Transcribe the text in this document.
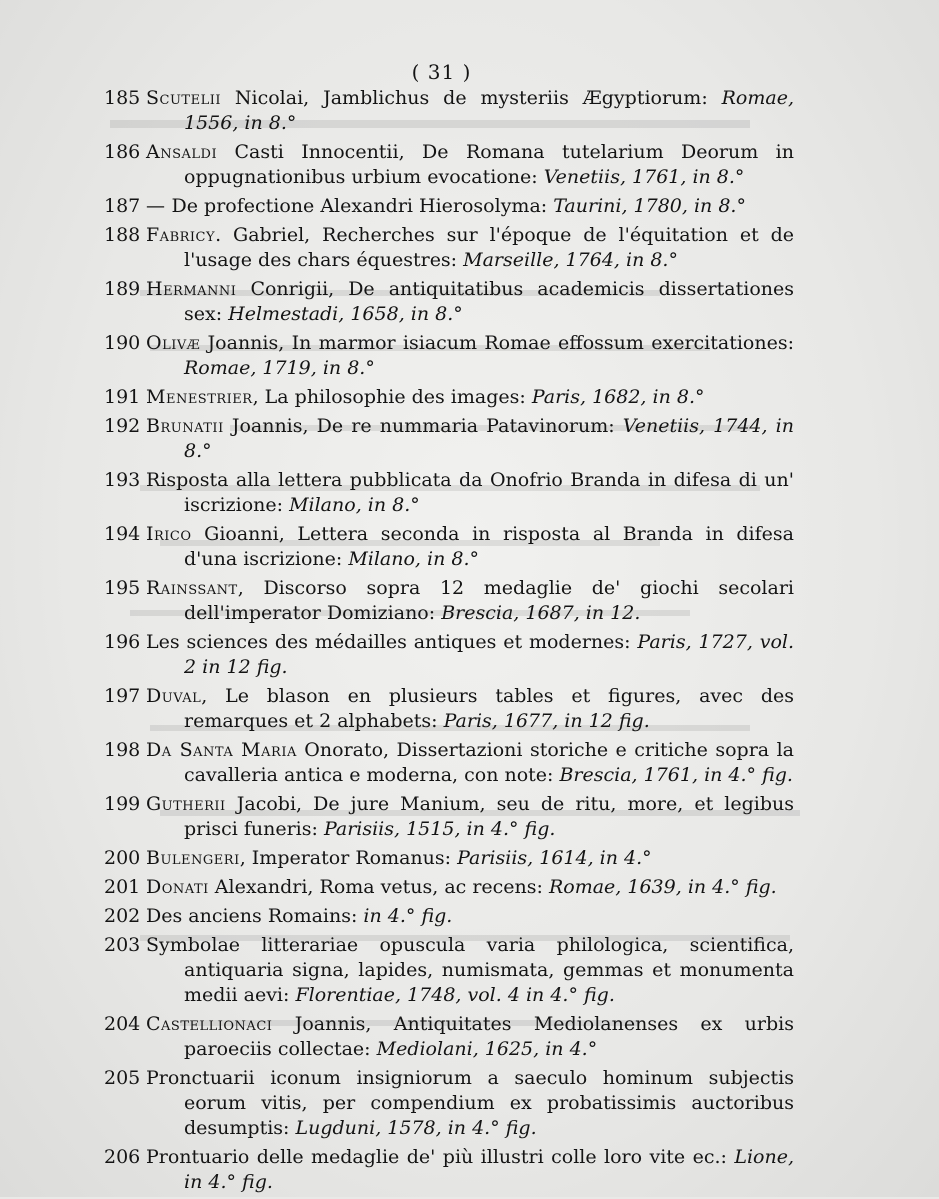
( 31 )
185 Scutelii Nicolai, Jamblichus de mysteriis Ægyptiorum: Romae, 1556, in 8.°
186 Ansaldi Casti Innocentii, De Romana tutelarium Deorum in oppugnationibus urbium evocatione: Venetiis, 1761, in 8.°
187 — De profectione Alexandri Hierosolyma: Taurini, 1780, in 8.°
188 Fabricy. Gabriel, Recherches sur l'époque de l'équitation et de l'usage des chars équestres: Marseille, 1764, in 8.°
189 Hermanni Conrigii, De antiquitatibus academicis dissertationes sex: Helmestadi, 1658, in 8.°
190 Olivæ Joannis, In marmor isiacum Romae effossum exercitationes: Romae, 1719, in 8.°
191 Menestrier, La philosophie des images: Paris, 1682, in 8.°
192 Brunatii Joannis, De re nummaria Patavinorum: Venetiis, 1744, in 8.°
193 Risposta alla lettera pubblicata da Onofrio Branda in difesa di un' iscrizione: Milano, in 8.°
194 Irico Gioanni, Lettera seconda in risposta al Branda in difesa d'una iscrizione: Milano, in 8.°
195 Rainssant, Discorso sopra 12 medaglie de' giochi secolari dell'imperator Domiziano: Brescia, 1687, in 12.
196 Les sciences des médailles antiques et modernes: Paris, 1727, vol. 2 in 12 fig.
197 Duval, Le blason en plusieurs tables et figures, avec des remarques et 2 alphabets: Paris, 1677, in 12 fig.
198 Da Santa Maria Onorato, Dissertazioni storiche e critiche sopra la cavalleria antica e moderna, con note: Brescia, 1761, in 4.° fig.
199 Gutherii Jacobi, De jure Manium, seu de ritu, more, et legibus prisci funeris: Parisiis, 1515, in 4.° fig.
200 Bulengeri, Imperator Romanus: Parisiis, 1614, in 4.°
201 Donati Alexandri, Roma vetus, ac recens: Romae, 1639, in 4.° fig.
202 Des anciens Romains: in 4.° fig.
203 Symbolae litterariae opuscula varia philologica, scientifica, antiquaria signa, lapides, numismata, gemmas et monumenta medii aevi: Florentiae, 1748, vol. 4 in 4.° fig.
204 Castellionaci Joannis, Antiquitates Mediolanenses ex urbis paroeciis collectae: Mediolani, 1625, in 4.°
205 Pronctuarii iconum insigniorum a saeculo hominum subjectis eorum vitis, per compendium ex probatissimis auctoribus desumptis: Lugduni, 1578, in 4.° fig.
206 Prontuario delle medaglie de' più illustri colle loro vite ec.: Lione, in 4.° fig.
